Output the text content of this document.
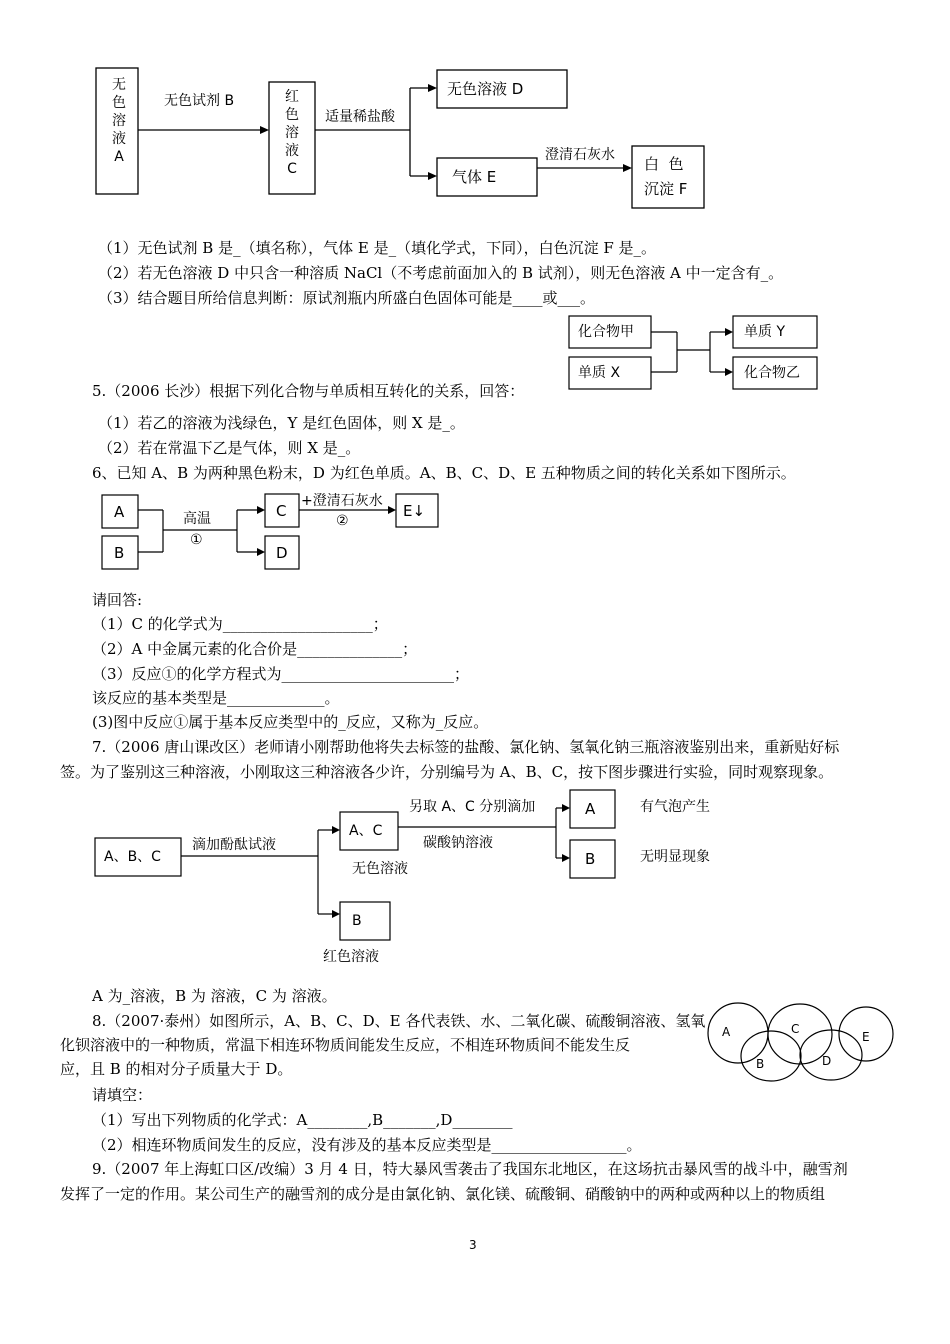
无
色
溶
液
A
无色试剂 B	红
色
溶
液
C
适量稀盐酸
无色溶液 D
气体 E
澄清石灰水 白  色
沉淀 F
（1）无色试剂 B 是_（填名称），气体 E 是_（填化学式，下同），白色沉淀 F 是_。
（2）若无色溶液 D 中只含一种溶质 NaCl（不考虑前面加入的 B 试剂），则无色溶液 A 中一定含有_。
（3）结合题目所给信息判断：原试剂瓶内所盛白色固体可能是____或___。
化合物甲
单质 X
单质 Y
化合物乙
5.（2006 长沙）根据下列化合物与单质相互转化的关系，回答：
（1）若乙的溶液为浅绿色，Y 是红色固体，则 X 是_。
（2）若在常温下乙是气体，则 X 是_。
6、已知 A、B 为两种黑色粉末，D 为红色单质。A、B、C、D、E 五种物质之间的转化关系如下图所示。
A
B
高温
①
C
D
+澄清石灰水
②
E↓
请回答:
（1）C 的化学式为____________________；
（2）A 中金属元素的化合价是______________；
（3）反应①的化学方程式为_______________________；
该反应的基本类型是_____________。
(3)图中反应①属于基本反应类型中的_反应，又称为_反应。
7.（2006 唐山课改区）老师请小刚帮助他将失去标签的盐酸、氯化钠、氢氧化钠三瓶溶液鉴别出来，重新贴好标
签。为了鉴别这三种溶液，小刚取这三种溶液各少许，分别编号为 A、B、C，按下图步骤进行实验，同时观察现象。
A、B、C
滴加酚酞试液
A、C
无色溶液
B
红色溶液
另取 A、C 分别滴加
碳酸钠溶液
A
B
有气泡产生
无明显现象
A 为_溶液，B 为 溶液，C 为 溶液。
8.（2007·泰州）如图所示，A、B、C、D、E 各代表铁、水、二氧化碳、硫酸铜溶液、氢氧
化钡溶液中的一种物质，常温下相连环物质间能发生反应，不相连环物质间不能发生反
应，且 B 的相对分子质量大于 D。
A
B
C
D
E
请填空：
（1）写出下列物质的化学式：A________,B_______,D________
（2）相连环物质间发生的反应，没有涉及的基本反应类型是__________________。
9.（2007 年上海虹口区/改编）3 月 4 日，特大暴风雪袭击了我国东北地区，在这场抗击暴风雪的战斗中，融雪剂
发挥了一定的作用。某公司生产的融雪剂的成分是由氯化钠、氯化镁、硫酸铜、硝酸钠中的两种或两种以上的物质组
3
